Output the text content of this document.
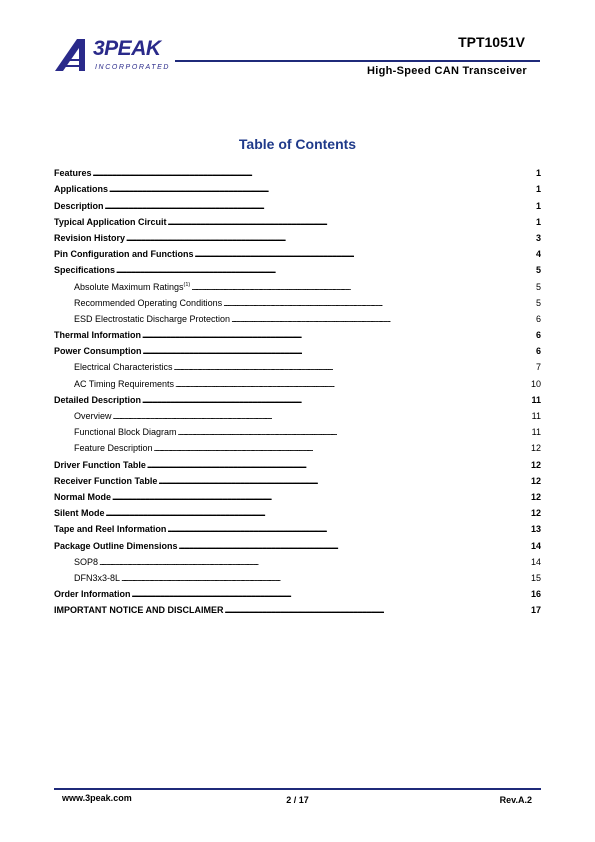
3PEAK
INCORPORATED
TPT1051V
High-Speed CAN Transceiver
Table of Contents
Features . . .	1
Applications . . .	1
Description . . .	1
Typical Application Circuit . . .	1
Revision History . . .	3
Pin Configuration and Functions . . .	4
Specifications . . .	5
Absolute Maximum Ratings$^{(1)}$ . . .	5
Recommended Operating Conditions . . .	5
ESD Electrostatic Discharge Protection . . .	6
Thermal Information . . .	6
Power Consumption . . .	6
Electrical Characteristics . . .	7
AC Timing Requirements . . .	10
Detailed Description . . .	11
Overview . . .	11
Functional Block Diagram . . .	11
Feature Description . . .	12
Driver Function Table . . .	12
Receiver Function Table . . .	12
Normal Mode . . .	12
Silent Mode . . .	12
Tape and Reel Information . . .	13
Package Outline Dimensions . . .	14
SOP8 . . .	14
DFN3x3-8L . . .	15
Order Information . . .	16
IMPORTANT NOTICE AND DISCLAIMER . . .	17
www.3peak.com	2 / 17	Rev.A.2
